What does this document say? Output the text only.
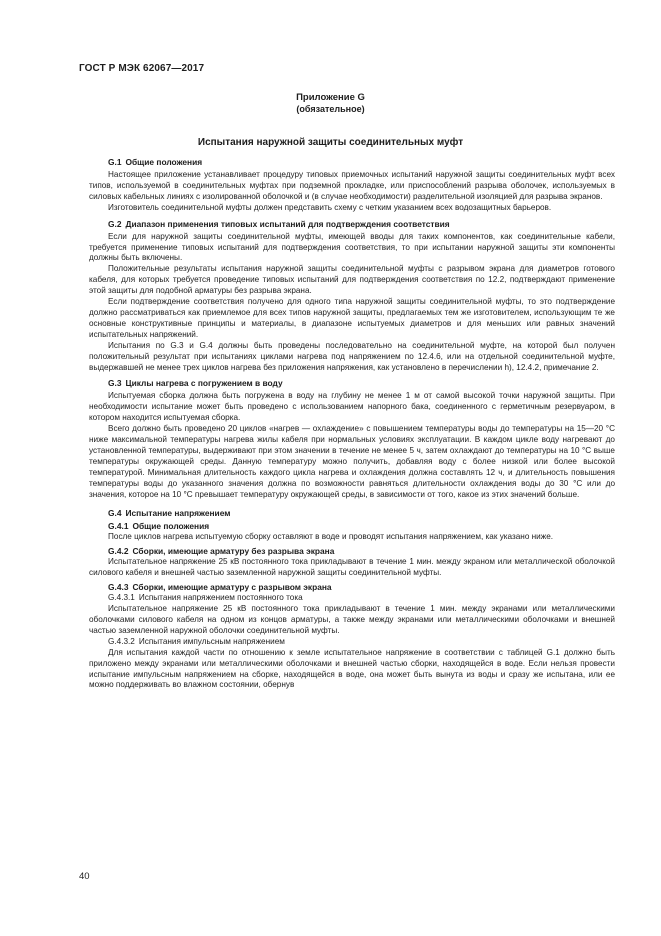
ГОСТ Р МЭК 62067—2017
Приложение G
(обязательное)
Испытания наружной защиты соединительных муфт
G.1 Общие положения

Настоящее приложение устанавливает процедуру типовых приемочных испытаний наружной защиты соединительных муфт всех типов, используемой в соединительных муфтах при подземной прокладке, или приспособлений разрыва оболочек, используемых в силовых кабельных линиях с изолированной оболочкой и (в случае необходимости) разделительной изоляцией для разрыва экранов.

Изготовитель соединительной муфты должен представить схему с четким указанием всех водозащитных барьеров.

G.2 Диапазон применения типовых испытаний для подтверждения соответствия

Если для наружной защиты соединительной муфты, имеющей вводы для таких компонентов, как соединительные кабели, требуется применение типовых испытаний для подтверждения соответствия, то при испытании наружной защиты эти компоненты должны быть включены.

Положительные результаты испытания наружной защиты соединительной муфты с разрывом экрана для диаметров готового кабеля, для которых требуется проведение типовых испытаний для подтверждения соответствия по 12.2, подтверждают применение этой защиты для подобной арматуры без разрыва экрана.

Если подтверждение соответствия получено для одного типа наружной защиты соединительной муфты, то это подтверждение должно рассматриваться как приемлемое для всех типов наружной защиты, предлагаемых тем же изготовителем, использующим те же основные конструктивные принципы и материалы, в диапазоне испытуемых диаметров и для меньших или равных значений испытательных напряжений.

Испытания по G.3 и G.4 должны быть проведены последовательно на соединительной муфте, на которой был получен положительный результат при испытаниях циклами нагрева под напряжением по 12.4.6, или на отдельной соединительной муфте, выдержавшей не менее трех циклов нагрева без приложения напряжения, как установлено в перечислении h), 12.4.2, примечание 2.

G.3 Циклы нагрева с погружением в воду

Испытуемая сборка должна быть погружена в воду на глубину не менее 1 м от самой высокой точки наружной защиты. При необходимости испытание может быть проведено с использованием напорного бака, соединенного с герметичным резервуаром, в котором находится испытуемая сборка.

Всего должно быть проведено 20 циклов «нагрев — охлаждение» с повышением температуры воды до температуры на 15—20 °С ниже максимальной температуры нагрева жилы кабеля при нормальных условиях эксплуатации. В каждом цикле воду нагревают до установленной температуры, выдерживают при этом значении в течение не менее 5 ч, затем охлаждают до температуры на 10 °С выше температуры окружающей среды. Данную температуру можно получить, добавляя воду с более низкой или более высокой температурой. Минимальная длительность каждого цикла нагрева и охлаждения должна составлять 12 ч, и длительность повышения температуры воды до указанного значения должна по возможности равняться длительности охлаждения воды до 30 °С или до значения, которое на 10 °С превышает температуру окружающей среды, в зависимости от того, какое из этих значений больше.

G.4 Испытание напряжением
G.4.1 Общие положения

После циклов нагрева испытуемую сборку оставляют в воде и проводят испытания напряжением, как указано ниже.

G.4.2 Сборки, имеющие арматуру без разрыва экрана

Испытательное напряжение 25 кВ постоянного тока прикладывают в течение 1 мин. между экраном или металлической оболочкой силового кабеля и внешней частью заземленной наружной защиты соединительной муфты.

G.4.3 Сборки, имеющие арматуру с разрывом экрана
G.4.3.1 Испытания напряжением постоянного тока

Испытательное напряжение 25 кВ постоянного тока прикладывают в течение 1 мин. между экранами или металлическими оболочками силового кабеля на одном из концов арматуры, а также между экранами или металлическими оболочками и внешней частью заземленной наружной оболочки соединительной муфты.

G.4.3.2 Испытания импульсным напряжением

Для испытания каждой части по отношению к земле испытательное напряжение в соответствии с таблицей G.1 должно быть приложено между экранами или металлическими оболочками и внешней частью сборки, находящейся в воде. Если нельзя провести испытание импульсным напряжением на сборке, находящейся в воде, она может быть вынута из воды и сразу же испытана, или ее можно поддерживать во влажном состоянии, обернув

40
